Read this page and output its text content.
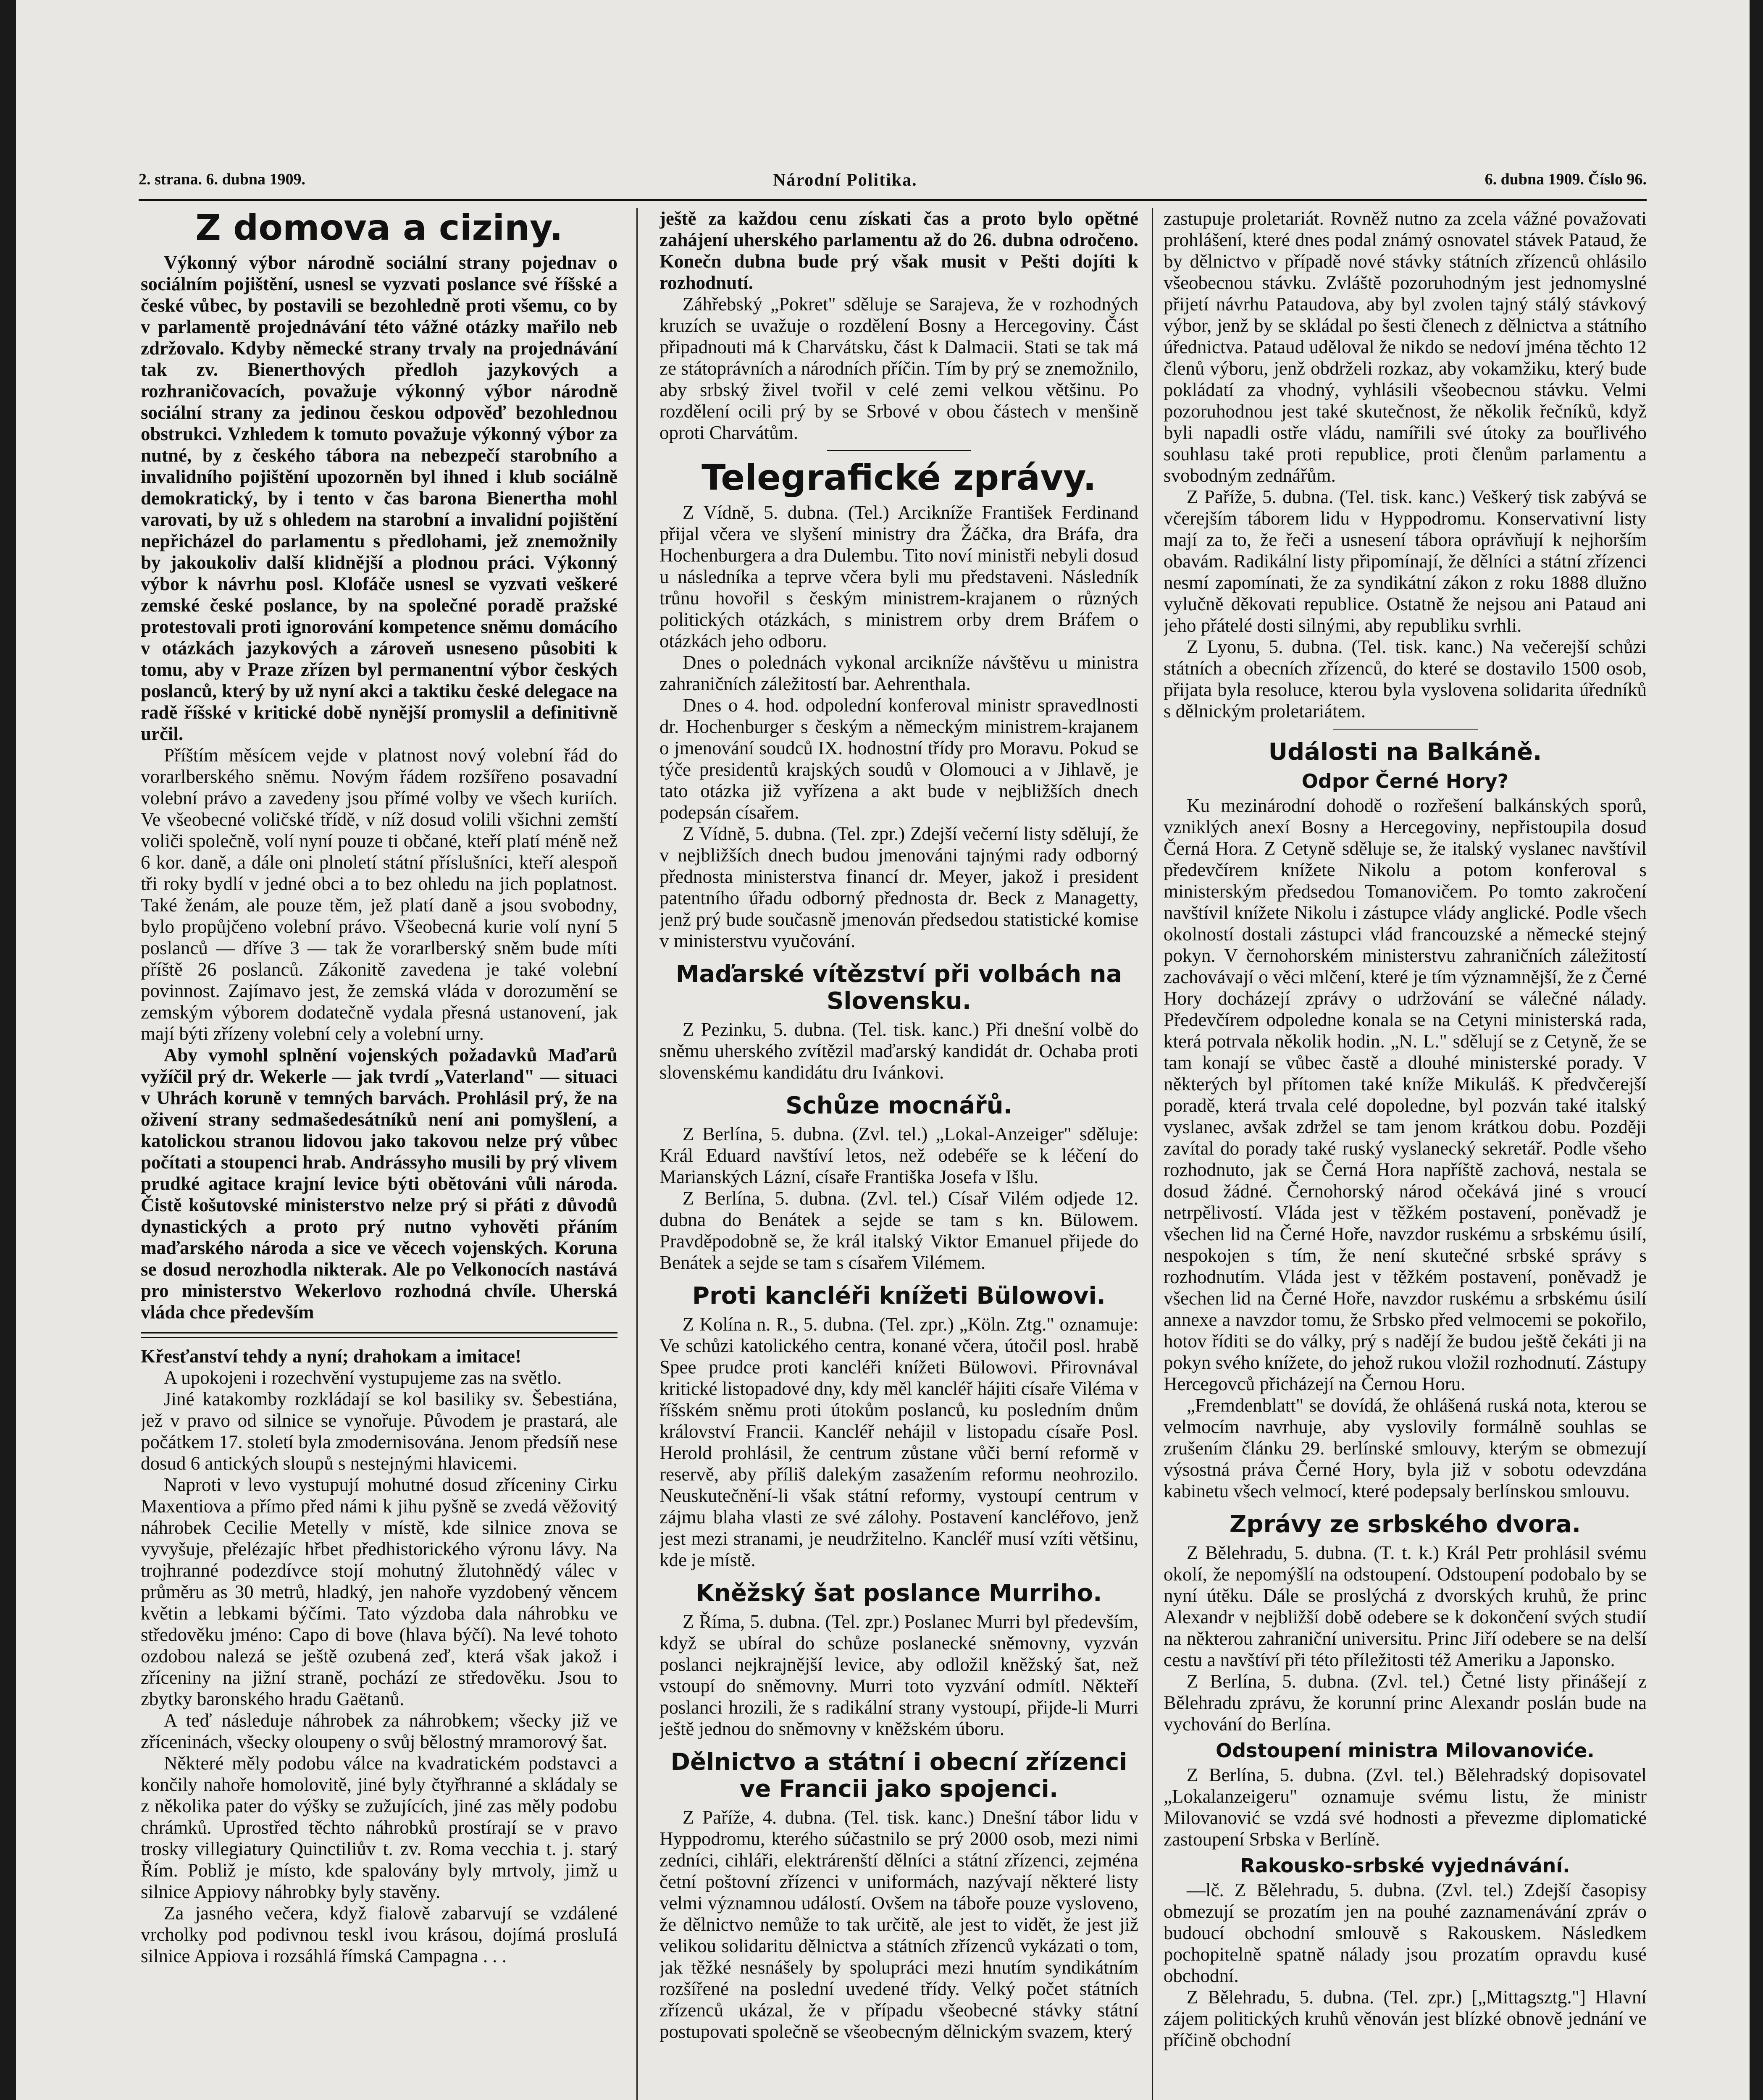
2. strana. 6. dubna 1909.	Národní Politika.	6. dubna 1909. Číslo 96.
Z domova a ciziny.

Výkonný výbor národně sociální strany pojednav o sociálním pojištění, usnesl se vyzvati poslance své říšské a české vůbec, by postavili se bezohledně proti všemu, co by v parlamentě projednávání této vážné otázky mařilo neb zdržovalo. Kdyby německé strany trvaly na projednávání tak zv. Bienerthových předloh jazykových a rozhraničovacích, považuje výkonný výbor národně sociální strany za jedinou českou odpověď bezohlednou obstrukci. Vzhledem k tomuto považuje výkonný výbor za nutné, by z českého tábora na nebezpečí starobního a invalidního pojištění upozorněn byl ihned i klub sociálně demokratický, by i tento v čas barona Bienertha mohl varovati, by už s ohledem na starobní a invalidní pojištění nepřicházel do parlamentu s předlohami, jež znemožnily by jakoukoliv další klidnější a plodnou práci. Výkonný výbor k návrhu posl. Klofáče usnesl se vyzvati veškeré zemské české poslance, by na společné poradě pražské protestovali proti ignorování kompetence sněmu domácího v otázkách jazykových a zároveň usneseno působiti k tomu, aby v Praze zřízen byl permanentní výbor českých poslanců, který by už nyní akci a taktiku české delegace na radě říšské v kritické době nynější promyslil a definitivně určil.

Příštím měsícem vejde v platnost nový volební řád do vorarlberského sněmu. Novým řádem rozšířeno posavadní volební právo a zavedeny jsou přímé volby ve všech kuriích. Ve všeobecné voličské třídě, v níž dosud volili všichni zemští voliči společně, volí nyní pouze ti občané, kteří platí méně než 6 kor. daně, a dále oni plnoletí státní příslušníci, kteří alespoň tři roky bydlí v jedné obci a to bez ohledu na jich poplatnost. Také ženám, ale pouze těm, jež platí daně a jsou svobodny, bylo propůjčeno volební právo. Všeobecná kurie volí nyní 5 poslanců — dříve 3 — tak že vorarlberský sněm bude míti příště 26 poslanců. Zákonitě zavedena je také volební povinnost. Zajímavo jest, že zemská vláda v dorozumění se zemským výborem dodatečně vydala přesná ustanovení, jak mají býti zřízeny volební cely a volební urny.

Aby vymohl splnění vojenských požadavků Maďarů vyžíčil prý dr. Wekerle — jak tvrdí „Vaterland" — situaci v Uhrách koruně v temných barvách. Prohlásil prý, že na oživení strany sedmašedesátníků není ani pomyšlení, a katolickou stranou lidovou jako takovou nelze prý vůbec počítati a stoupenci hrab. Andrássyho musili by prý vlivem prudké agitace krajní levice býti obětováni vůli národa. Čistě košutovské ministerstvo nelze prý si přáti z důvodů dynastických a proto prý nutno vyhověti přáním maďarského národa a sice ve věcech vojenských. Koruna se dosud nerozhodla nikterak. Ale po Velkonocích nastává pro ministerstvo Wekerlovo rozhodná chvíle. Uherská vláda chce především

Křesťanství tehdy a nyní; drahokam a imitace!

A upokojeni i rozechvění vystupujeme zas na světlo.

Jiné katakomby rozkládají se kol basiliky sv. Šebestiána, jež v pravo od silnice se vynořuje. Původem je prastará, ale počátkem 17. století byla zmodernisována. Jenom předsíň nese dosud 6 antických sloupů s nestejnými hlavicemi.

Naproti v levo vystupují mohutné dosud zříceniny Cirku Maxentiova a přímo před námi k jihu pyšně se zvedá věžovitý náhrobek Cecilie Metelly v místě, kde silnice znova se vyvyšuje, přelézajíc hřbet předhistorického výronu lávy. Na trojhranné podezdívce stojí mohutný žlutohnědý válec v průměru as 30 metrů, hladký, jen nahoře vyzdobený věncem květin a lebkami býčími. Tato výzdoba dala náhrobku ve středověku jméno: Capo di bove (hlava býčí). Na levé tohoto ozdobou nalezá se ještě ozubená zeď, která však jakož i zříceniny na jižní straně, pochází ze středověku. Jsou to zbytky baronského hradu Gaëtanů.

A teď následuje náhrobek za náhrobkem; všecky již ve zříceninách, všecky oloupeny o svůj bělostný mramorový šat.

Některé měly podobu válce na kvadratickém podstavci a končily nahoře homolovitě, jiné byly čtyřhranné a skládaly se z několika pater do výšky se zužujících, jiné zas měly podobu chrámků. Uprostřed těchto náhrobků prostírají se v pravo trosky villegiatury Quinctiliův t. zv. Roma vecchia t. j. starý Řím. Pobliž je místo, kde spalovány byly mrtvoly, jimž u silnice Appiovy náhrobky byly stavěny.

Za jasného večera, když fialově zabarvují se vzdálené vrcholky pod podivnou teskl ivou krásou, dojímá prosluIá silnice Appiova i rozsáhlá římská Campagna . . .

ještě za každou cenu získati čas a proto bylo opětné zahájení uherského parlamentu až do 26. dubna odročeno. Konečn dubna bude prý však musit v Pešti dojíti k rozhodnutí.

Záhřebský „Pokret" sděluje se Sarajeva, že v rozhodných kruzích se uvažuje o rozdělení Bosny a Hercegoviny. Část připadnouti má k Charvátsku, část k Dalmacii. Stati se tak má ze státoprávních a národních příčin. Tím by prý se znemožnilo, aby srbský živel tvořil v celé zemi velkou většinu. Po rozdělení ocili prý by se Srbové v obou částech v menšině oproti Charvátům.

Telegrafické zprávy.

Z Vídně, 5. dubna. (Tel.) Arcikníže František Ferdinand přijal včera ve slyšení ministry dra Žáčka, dra Bráfa, dra Hochenburgera a dra Dulembu. Tito noví ministři nebyli dosud u následníka a teprve včera byli mu představeni. Následník trůnu hovořil s českým ministrem-krajanem o různých politických otázkách, s ministrem orby drem Bráfem o otázkách jeho odboru.

Dnes o polednách vykonal arcikníže návštěvu u ministra zahraničních záležitostí bar. Aehrenthala.

Dnes o 4. hod. odpolední konferoval ministr spravedlnosti dr. Hochenburger s českým a německým ministrem-krajanem o jmenování soudců IX. hodnostní třídy pro Moravu. Pokud se týče presidentů krajských soudů v Olomouci a v Jihlavě, je tato otázka již vyřízena a akt bude v nejbližších dnech podepsán císařem.

Z Vídně, 5. dubna. (Tel. zpr.) Zdejší večerní listy sdělují, že v nejbližších dnech budou jmenováni tajnými rady odborný přednosta ministerstva financí dr. Meyer, jakož i president patentního úřadu odborný přednosta dr. Beck z Managetty, jenž prý bude současně jmenován předsedou statistické komise v ministerstvu vyučování.

Maďarské vítězství při volbách na Slovensku.

Z Pezinku, 5. dubna. (Tel. tisk. kanc.) Při dnešní volbě do sněmu uherského zvítězil maďarský kandidát dr. Ochaba proti slovenskému kandidátu dru Ivánkovi.

Schůze mocnářů.

Z Berlína, 5. dubna. (Zvl. tel.) „Lokal-Anzeiger" sděluje: Král Eduard navštíví letos, než odebéře se k léčení do Marianských Lázní, císaře Františka Josefa v Išlu.

Z Berlína, 5. dubna. (Zvl. tel.) Císař Vilém odjede 12. dubna do Benátek a sejde se tam s kn. Bülowem. Pravděpodobně se, že král italský Viktor Emanuel přijede do Benátek a sejde se tam s císařem Vilémem.

Proti kancléři knížeti Bülowovi.

Z Kolína n. R., 5. dubna. (Tel. zpr.) „Köln. Ztg." oznamuje: Ve schůzi katolického centra, konané včera, útočil posl. hrabě Spee prudce proti kancléři knížeti Bülowovi. Přirovnával kritické listopadové dny, kdy měl kancléř hájiti císaře Viléma v říšském sněmu proti útokům poslanců, ku posledním dnům království Francii. Kancléř nehájil v listopadu císaře Posl. Herold prohlásil, že centrum zůstane vůči berní reformě v reservě, aby příliš dalekým zasažením reformu neohrozilo. Neuskutečnění-li však státní reformy, vystoupí centrum v zájmu blaha vlasti ze své zálohy. Postavení kancléřovo, jenž jest mezi stranami, je neudržitelno. Kancléř musí vzíti většinu, kde je místě.

Kněžský šat poslance Murriho.

Z Říma, 5. dubna. (Tel. zpr.) Poslanec Murri byl především, když se ubíral do schůze poslanecké sněmovny, vyzván poslanci nejkrajnější levice, aby odložil kněžský šat, než vstoupí do sněmovny. Murri toto vyzvání odmítl. Někteří poslanci hrozili, že s radikální strany vystoupí, přijde-li Murri ještě jednou do sněmovny v kněžském úboru.

Dělnictvo a státní i obecní zřízenci ve Francii jako spojenci.

Z Paříže, 4. dubna. (Tel. tisk. kanc.) Dnešní tábor lidu v Hyppodromu, kterého súčastnilo se prý 2000 osob, mezi nimi zedníci, cihláři, elektrárenští dělníci a státní zřízenci, zejména četní poštovní zřízenci v uniformách, nazývají některé listy velmi významnou událostí. Ovšem na táboře pouze vysloveno, že dělnictvo nemůže to tak určitě, ale jest to vidět, že jest již velikou solidaritu dělnictva a státních zřízenců vykázati o tom, jak těžké nesnášely by spolupráci mezi hnutím syndikátním rozšířené na poslední uvedené třídy. Velký počet státních zřízenců ukázal, že v případu všeobecné stávky státní postupovati společně se všeobecným dělnickým svazem, který

zastupuje proletariát. Rovněž nutno za zcela vážné považovati prohlášení, které dnes podal známý osnovatel stávek Pataud, že by dělnictvo v případě nové stávky státních zřízenců ohlásilo všeobecnou stávku. Zvláště pozoruhodným jest jednomyslné přijetí návrhu Pataudova, aby byl zvolen tajný stálý stávkový výbor, jenž by se skládal po šesti členech z dělnictva a státního úřednictva. Pataud uděloval že nikdo se nedoví jména těchto 12 členů výboru, jenž obdrželi rozkaz, aby vokamžiku, který bude pokládatí za vhodný, vyhlásili všeobecnou stávku. Velmi pozoruhodnou jest také skutečnost, že několik řečníků, když byli napadli ostře vládu, namířili své útoky za bouřlivého souhlasu také proti republice, proti členům parlamentu a svobodným zednářům.

Z Paříže, 5. dubna. (Tel. tisk. kanc.) Veškerý tisk zabývá se včerejším táborem lidu v Hyppodromu. Konservativní listy mají za to, že řeči a usnesení tábora oprávňují k nejhorším obavám. Radikální listy připomínají, že dělníci a státní zřízenci nesmí zapomínati, že za syndikátní zákon z roku 1888 dlužno vylučně děkovati republice. Ostatně že nejsou ani Pataud ani jeho přátelé dosti silnými, aby republiku svrhli.

Z Lyonu, 5. dubna. (Tel. tisk. kanc.) Na večerejší schůzi státních a obecních zřízenců, do které se dostavilo 1500 osob, přijata byla resoluce, kterou byla vyslovena solidarita úředníků s dělnickým proletariátem.

Události na Balkáně.
Odpor Černé Hory?

Ku mezinárodní dohodě o rozřešení balkánských sporů, vzniklých anexí Bosny a Hercegoviny, nepřistoupila dosud Černá Hora. Z Cetyně sděluje se, že italský vyslanec navštívil předevčírem knížete Nikolu a potom konferoval s ministerským předsedou Tomanovičem. Po tomto zakročení navštívil knížete Nikolu i zástupce vlády anglické. Podle všech okolností dostali zástupci vlád francouzské a německé stejný pokyn. V černohorském ministerstvu zahraničních záležitostí zachovávají o věci mlčení, které je tím významnější, že z Černé Hory docházejí zprávy o udržování se válečné nálady. Předevčírem odpoledne konala se na Cetyni ministerská rada, která potrvala několik hodin. „N. L." sdělují se z Cetyně, že se tam konají se vůbec častě a dlouhé ministerské porady. V některých byl přítomen také kníže Mikuláš. K předvčerejší poradě, která trvala celé dopoledne, byl pozván také italský vyslanec, avšak zdržel se tam jenom krátkou dobu. Později zavítal do porady také ruský vyslanecký sekretář. Podle všeho rozhodnuto, jak se Černá Hora napříště zachová, nestala se dosud žádné. Černohorský národ očekává jiné s vroucí netrpělivostí. Vláda jest v těžkém postavení, poněvadž je všechen lid na Černé Hoře, navzdor ruskému a srbskému úsilí, nespokojen s tím, že není skutečné srbské správy s rozhodnutím. Vláda jest v těžkém postavení, poněvadž je všechen lid na Černé Hoře, navzdor ruskému a srbskému úsilí annexe a navzdor tomu, že Srbsko před velmocemi se pokořilo, hotov říditi se do války, prý s nadějí že budou ještě čekáti ji na pokyn svého knížete, do jehož rukou vložil rozhodnutí. Zástupy Hercegovců přicházejí na Černou Horu.

„Fremdenblatt" se dovídá, že ohlášená ruská nota, kterou se velmocím navrhuje, aby vyslovily formálně souhlas se zrušením článku 29. berlínské smlouvy, kterým se obmezují výsostná práva Černé Hory, byla již v sobotu odevzdána kabinetu všech velmocí, které podepsaly berlínskou smlouvu.

Zprávy ze srbského dvora.

Z Bělehradu, 5. dubna. (T. t. k.) Král Petr prohlásil svému okolí, že nepomýšlí na odstoupení. Odstoupení podobalo by se nyní útěku. Dále se proslýchá z dvorských kruhů, že princ Alexandr v nejbližší době odebere se k dokončení svých studií na některou zahraniční universitu. Princ Jiří odebere se na delší cestu a navštíví při této příležitosti též Ameriku a Japonsko.

Z Berlína, 5. dubna. (Zvl. tel.) Četné listy přinášejí z Bělehradu zprávu, že korunní princ Alexandr poslán bude na vychování do Berlína.

Odstoupení ministra Milovanoviće.

Z Berlína, 5. dubna. (Zvl. tel.) Bělehradský dopisovatel „Lokalanzeigeru" oznamuje svému listu, že ministr Milovanović se vzdá své hodnosti a převezme diplomatické zastoupení Srbska v Berlíně.

Rakousko-srbské vyjednávání.

—lč. Z Bělehradu, 5. dubna. (Zvl. tel.) Zdejší časopisy obmezují se prozatím jen na pouhé zaznamenávání zpráv o budoucí obchodní smlouvě s Rakouskem. Následkem pochopitelně spatně nálady jsou prozatím opravdu kusé obchodní.

Z Bělehradu, 5. dubna. (Tel. zpr.) [„Mittagsztg."] Hlavní zájem politických kruhů věnován jest blízké obnově jednání ve příčině obchodní
